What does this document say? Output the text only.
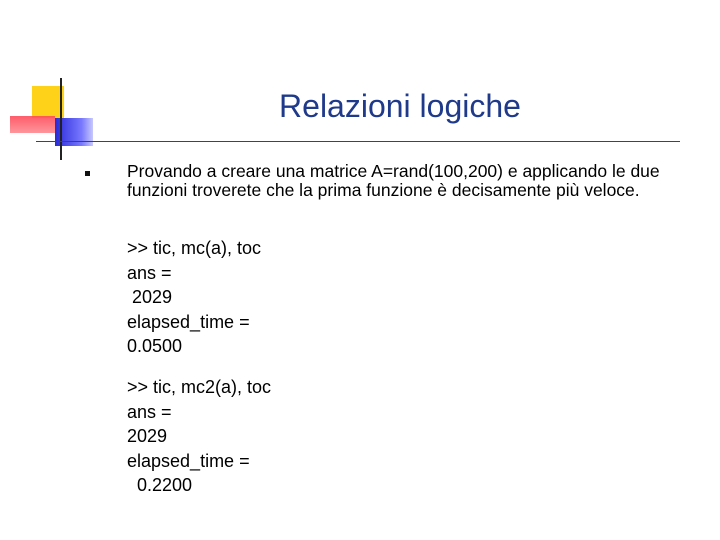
Relazioni logiche

Provando a creare una matrice A=rand(100,200) e applicando le due funzioni troverete che la prima funzione è decisamente più veloce.

>> tic, mc(a), toc
ans =
2029
elapsed_time =
0.0500
>> tic, mc2(a), toc
ans =
2029
elapsed_time =
0.2200
